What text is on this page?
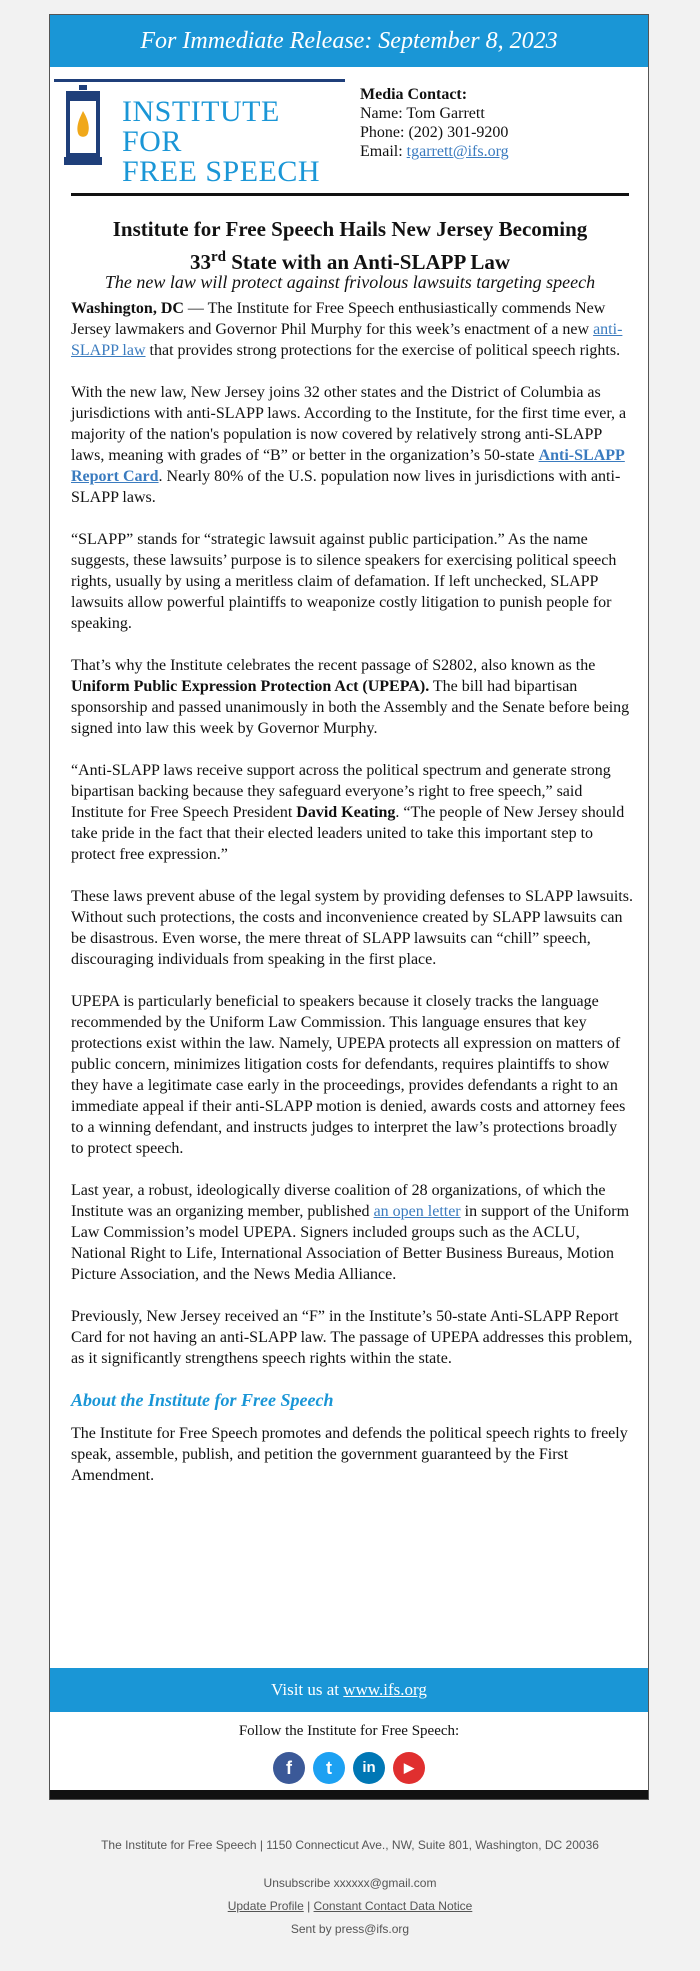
For Immediate Release: September 8, 2023
INSTITUTE FOR
FREE SPEECH
Media Contact:
Name: Tom Garrett
Phone: (202) 301-9200
Email: tgarrett@ifs.org
Institute for Free Speech Hails New Jersey Becoming
33rd State with an Anti-SLAPP Law
The new law will protect against frivolous lawsuits targeting speech

Washington, DC — The Institute for Free Speech enthusiastically commends New Jersey lawmakers and Governor Phil Murphy for this week’s enactment of a new anti-SLAPP law that provides strong protections for the exercise of political speech rights.

With the new law, New Jersey joins 32 other states and the District of Columbia as jurisdictions with anti-SLAPP laws. According to the Institute, for the first time ever, a majority of the nation's population is now covered by relatively strong anti-SLAPP laws, meaning with grades of “B” or better in the organization’s 50-state Anti-SLAPP Report Card. Nearly 80% of the U.S. population now lives in jurisdictions with anti-SLAPP laws.

“SLAPP” stands for “strategic lawsuit against public participation.” As the name suggests, these lawsuits’ purpose is to silence speakers for exercising political speech rights, usually by using a meritless claim of defamation. If left unchecked, SLAPP lawsuits allow powerful plaintiffs to weaponize costly litigation to punish people for speaking.

That’s why the Institute celebrates the recent passage of S2802, also known as the Uniform Public Expression Protection Act (UPEPA). The bill had bipartisan sponsorship and passed unanimously in both the Assembly and the Senate before being signed into law this week by Governor Murphy.

“Anti-SLAPP laws receive support across the political spectrum and generate strong bipartisan backing because they safeguard everyone’s right to free speech,” said Institute for Free Speech President David Keating. “The people of New Jersey should take pride in the fact that their elected leaders united to take this important step to protect free expression.”

These laws prevent abuse of the legal system by providing defenses to SLAPP lawsuits. Without such protections, the costs and inconvenience created by SLAPP lawsuits can be disastrous. Even worse, the mere threat of SLAPP lawsuits can “chill” speech, discouraging individuals from speaking in the first place.

UPEPA is particularly beneficial to speakers because it closely tracks the language recommended by the Uniform Law Commission. This language ensures that key protections exist within the law. Namely, UPEPA protects all expression on matters of public concern, minimizes litigation costs for defendants, requires plaintiffs to show they have a legitimate case early in the proceedings, provides defendants a right to an immediate appeal if their anti-SLAPP motion is denied, awards costs and attorney fees to a winning defendant, and instructs judges to interpret the law’s protections broadly to protect speech.

Last year, a robust, ideologically diverse coalition of 28 organizations, of which the Institute was an organizing member, published an open letter in support of the Uniform Law Commission’s model UPEPA. Signers included groups such as the ACLU, National Right to Life, International Association of Better Business Bureaus, Motion Picture Association, and the News Media Alliance.

Previously, New Jersey received an “F” in the Institute’s 50-state Anti-SLAPP Report Card for not having an anti-SLAPP law. The passage of UPEPA addresses this problem, as it significantly strengthens speech rights within the state.

About the Institute for Free Speech

The Institute for Free Speech promotes and defends the political speech rights to freely speak, assemble, publish, and petition the government guaranteed by the First Amendment.

Visit us at www.ifs.org
Follow the Institute for Free Speech:
f t in ▶
The Institute for Free Speech | 1150 Connecticut Ave., NW, Suite 801, Washington, DC 20036
Unsubscribe xxxxxx@gmail.com
Update Profile | Constant Contact Data Notice
Sent by press@ifs.org
